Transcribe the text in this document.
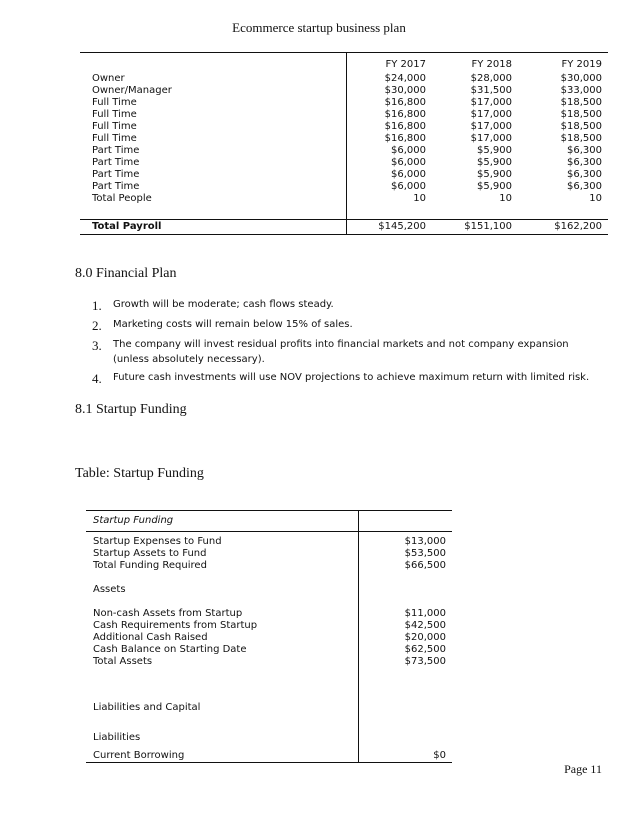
Ecommerce startup business plan
	FY 2017	FY 2018	FY 2019
Owner	$24,000	$28,000	$30,000
Owner/Manager	$30,000	$31,500	$33,000
Full Time	$16,800	$17,000	$18,500
Full Time	$16,800	$17,000	$18,500
Full Time	$16,800	$17,000	$18,500
Full Time	$16,800	$17,000	$18,500
Part Time	$6,000	$5,900	$6,300
Part Time	$6,000	$5,900	$6,300
Part Time	$6,000	$5,900	$6,300
Part Time	$6,000	$5,900	$6,300
Total People	10	10	10

Total Payroll	$145,200	$151,100	$162,200
8.0 Financial Plan
1.	Growth will be moderate; cash flows steady.
2.	Marketing costs will remain below 15% of sales.
3.	The company will invest residual profits into financial markets and not company expansion (unless absolutely necessary).
4.	Future cash investments will use NOV projections to achieve maximum return with limited risk.
8.1 Startup Funding
Table: Startup Funding
Startup Funding
Startup Expenses to Fund	$13,000
Startup Assets to Fund	$53,500
Total Funding Required	$66,500
Assets
Non-cash Assets from Startup	$11,000
Cash Requirements from Startup	$42,500
Additional Cash Raised	$20,000
Cash Balance on Starting Date	$62,500
Total Assets	$73,500
Liabilities and Capital
Liabilities
Current Borrowing	$0
Page 11
